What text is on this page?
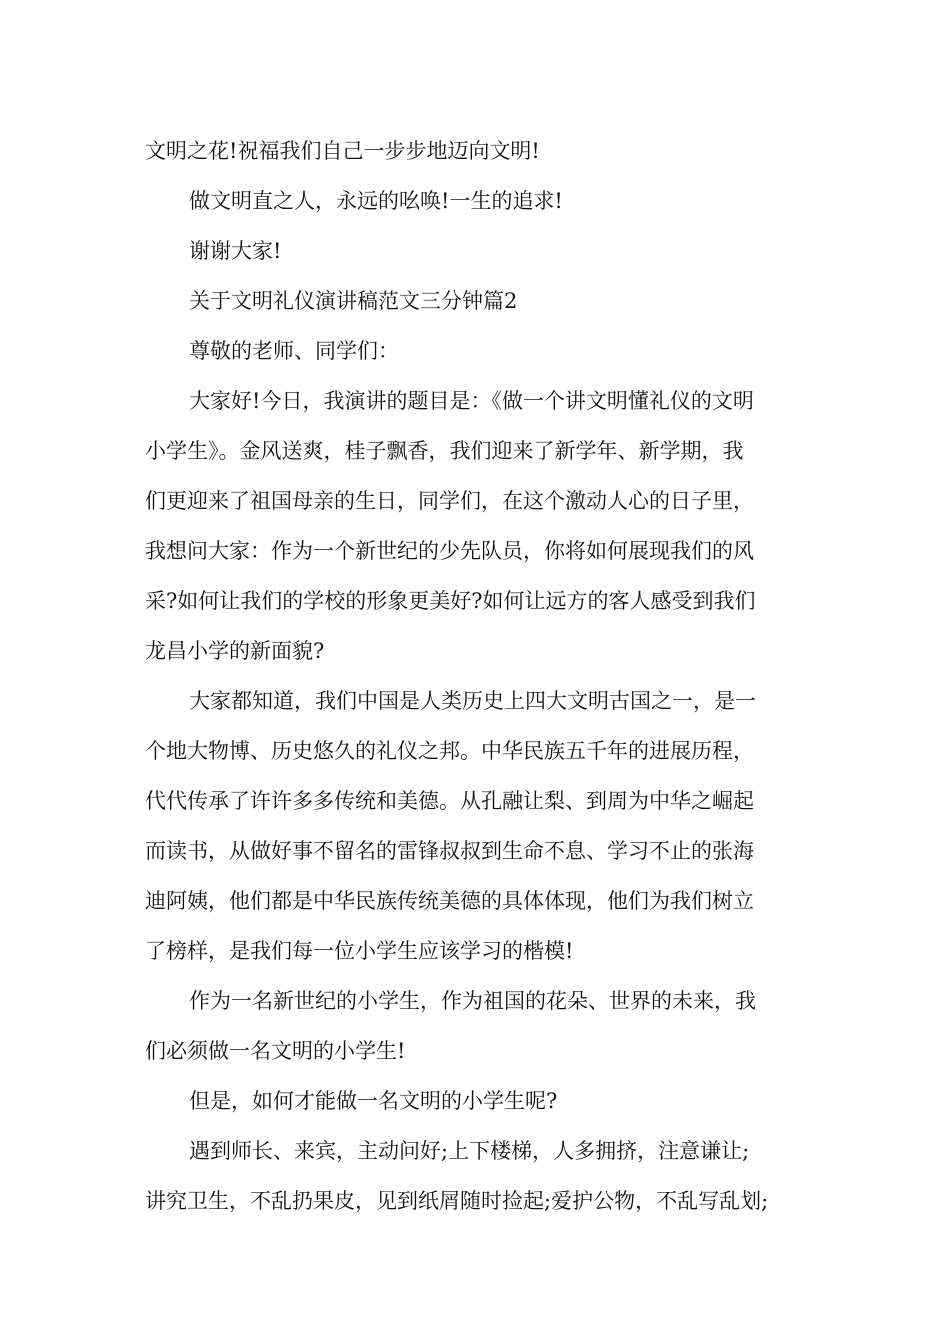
文明之花!祝福我们自己一步步地迈向文明!
做文明直之人，永远的吆唤!一生的追求!
谢谢大家!
关于文明礼仪演讲稿范文三分钟篇2
尊敬的老师、同学们：
大家好!今日，我演讲的题目是：《做一个讲文明懂礼仪的文明
小学生》。金风送爽，桂子飘香，我们迎来了新学年、新学期，我
们更迎来了祖国母亲的生日，同学们，在这个激动人心的日子里，
我想问大家：作为一个新世纪的少先队员，你将如何展现我们的风
采?如何让我们的学校的形象更美好?如何让远方的客人感受到我们
龙昌小学的新面貌?
大家都知道，我们中国是人类历史上四大文明古国之一，是一
个地大物博、历史悠久的礼仪之邦。中华民族五千年的进展历程，
代代传承了许许多多传统和美德。从孔融让梨、到周为中华之崛起
而读书，从做好事不留名的雷锋叔叔到生命不息、学习不止的张海
迪阿姨，他们都是中华民族传统美德的具体体现，他们为我们树立
了榜样，是我们每一位小学生应该学习的楷模!
作为一名新世纪的小学生，作为祖国的花朵、世界的未来，我
们必须做一名文明的小学生!
但是，如何才能做一名文明的小学生呢?
遇到师长、来宾，主动问好;上下楼梯，人多拥挤，注意谦让;
讲究卫生，不乱扔果皮，见到纸屑随时捡起;爱护公物，不乱写乱划;
